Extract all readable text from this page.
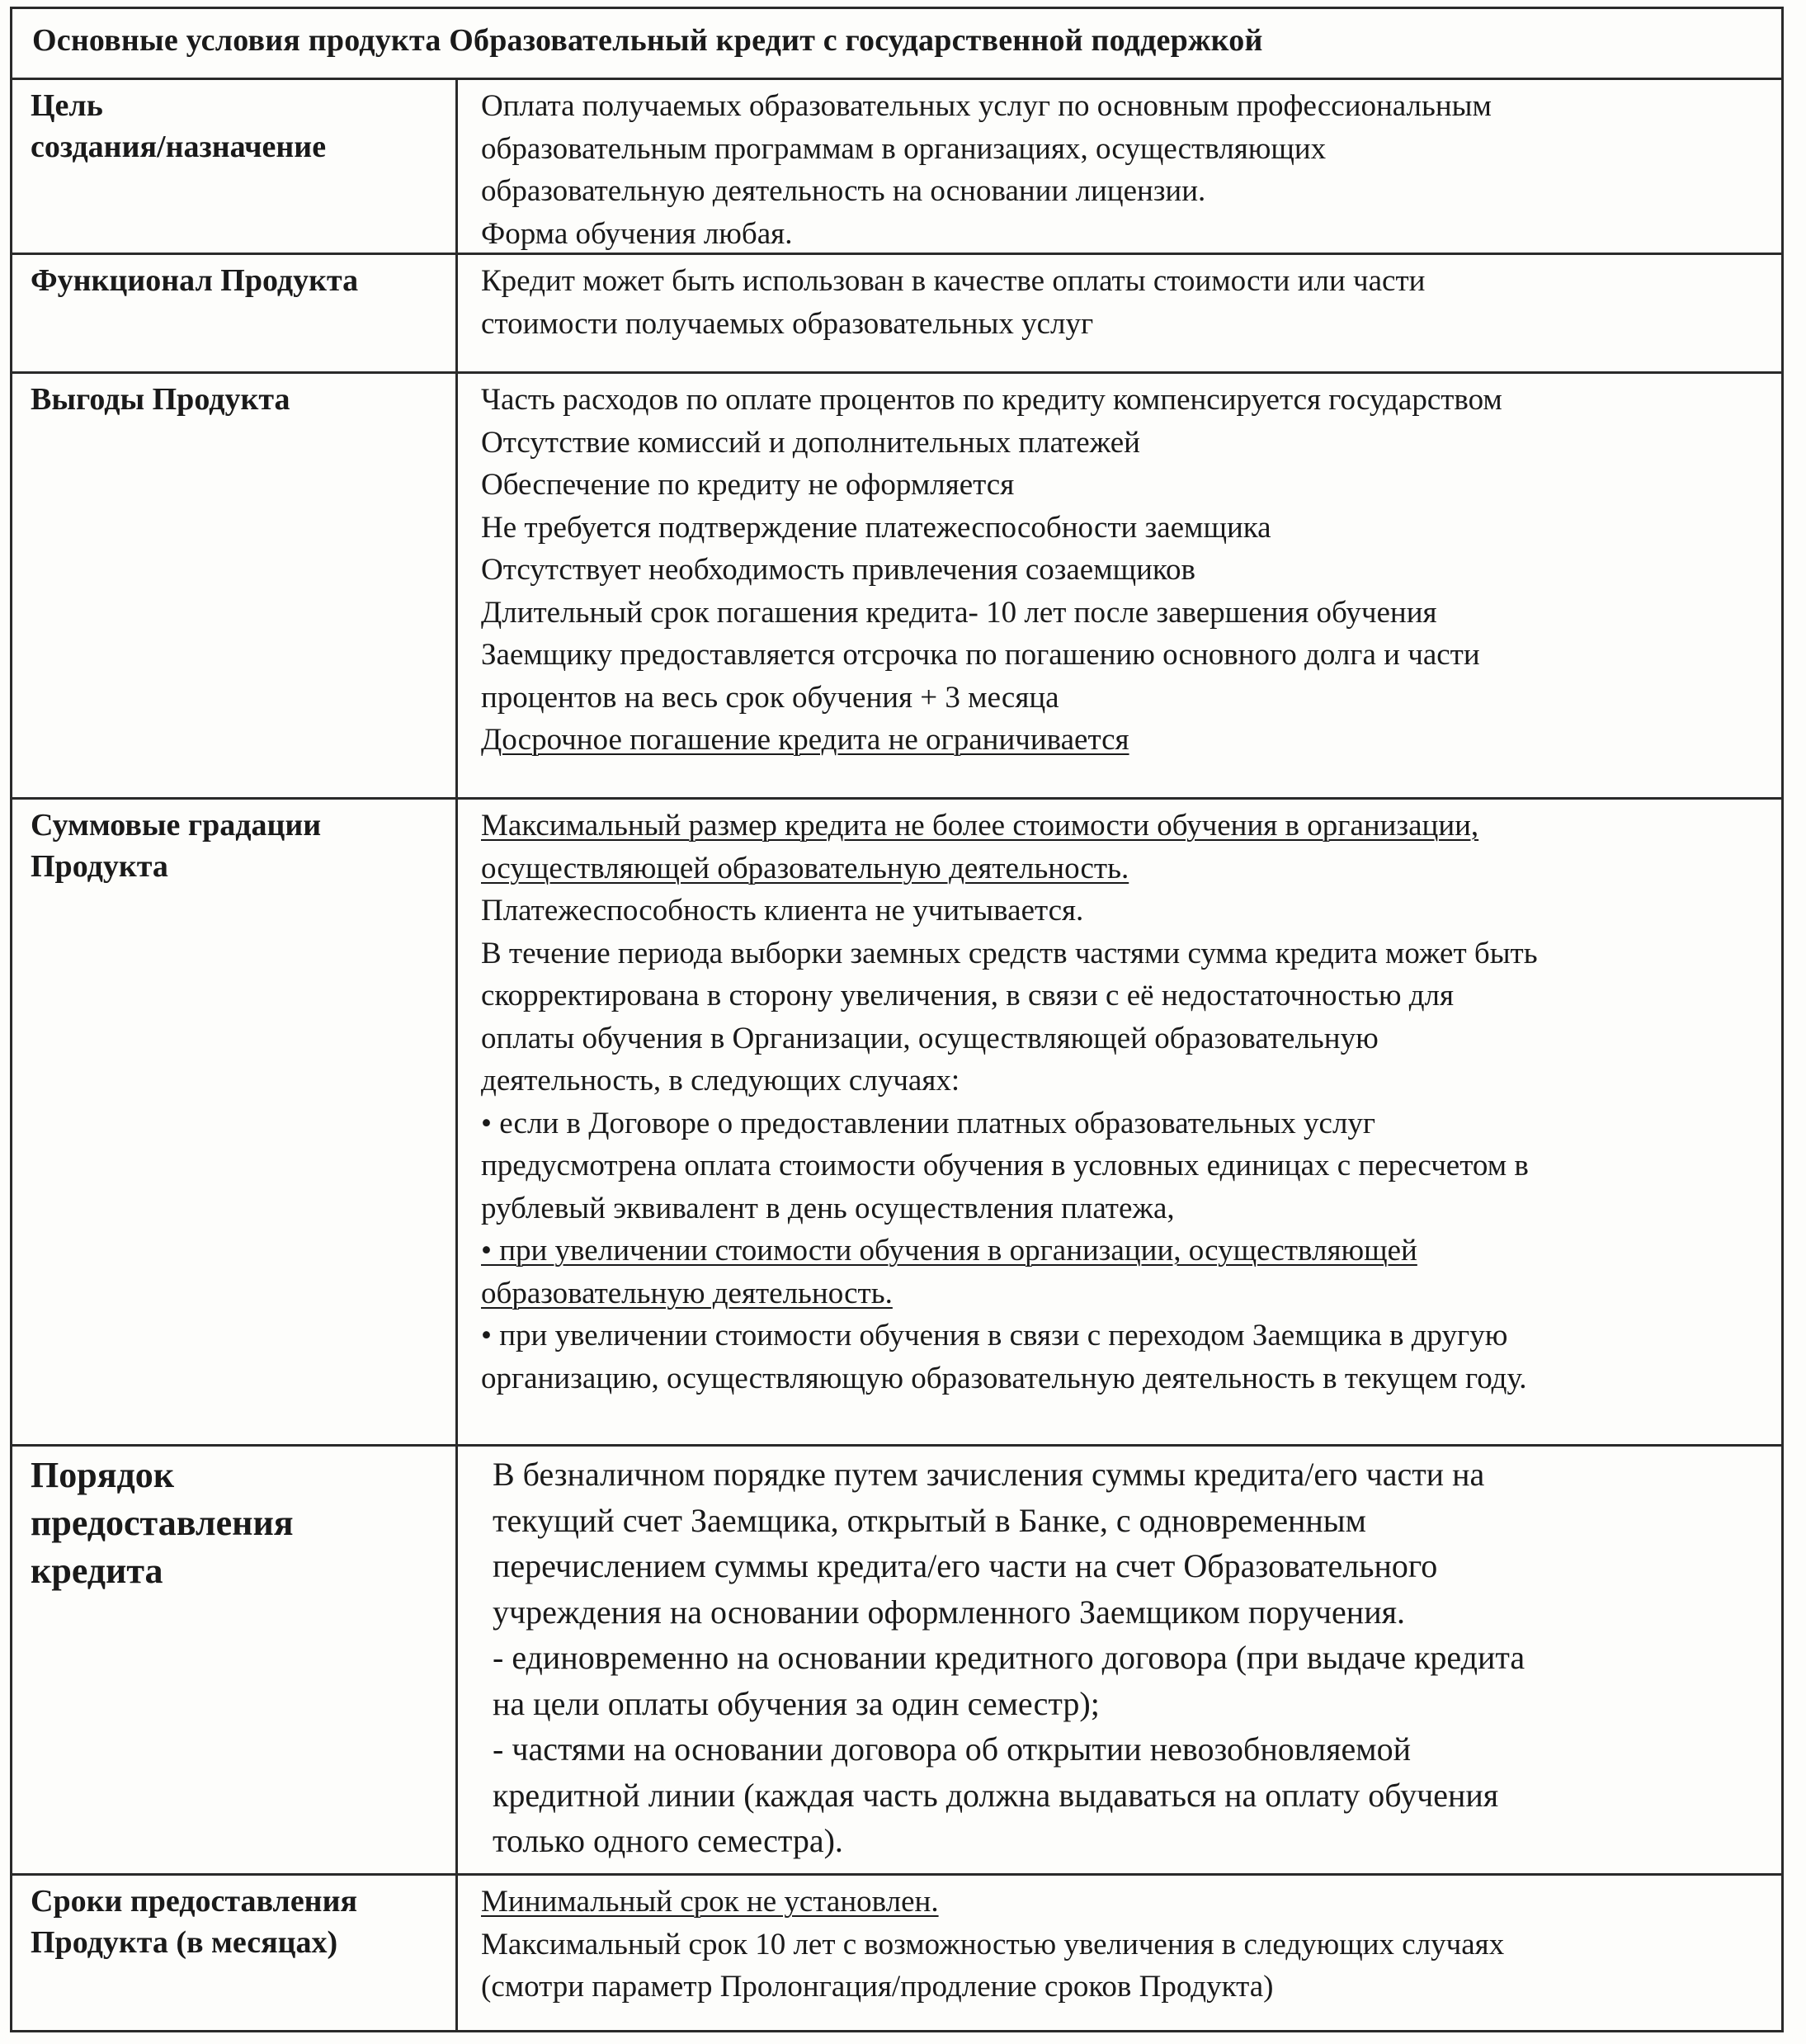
Основные условия продукта Образовательный кредит с государственной поддержкой
Цель
создания/назначение
Оплата получаемых образовательных услуг по основным профессиональным
образовательным программам в организациях, осуществляющих
образовательную деятельность на основании лицензии.
Форма обучения любая.
Функционал Продукта	Кредит может быть использован в качестве оплаты стоимости или части
стоимости получаемых образовательных услуг
Выгоды Продукта	Часть расходов по оплате процентов по кредиту компенсируется государством
Отсутствие комиссий и дополнительных платежей
Обеспечение по кредиту не оформляется
Не требуется подтверждение платежеспособности заемщика
Отсутствует необходимость привлечения созаемщиков
Длительный срок погашения кредита- 10 лет после завершения обучения
Заемщику предоставляется отсрочка по погашению основного долга и части
процентов на весь срок обучения + 3 месяца
Досрочное погашение кредита не ограничивается
Суммовые градации
Продукта
Максимальный размер кредита не более стоимости обучения в организации,
осуществляющей образовательную деятельность.
Платежеспособность клиента не учитывается.
В течение периода выборки заемных средств частями сумма кредита может быть
скорректирована в сторону увеличения, в связи с её недостаточностью для
оплаты обучения в Организации, осуществляющей образовательную
деятельность, в следующих случаях:
• если в Договоре о предоставлении платных образовательных услуг
предусмотрена оплата стоимости обучения в условных единицах с пересчетом в
рублевый эквивалент в день осуществления платежа,
• при увеличении стоимости обучения в организации, осуществляющей
образовательную деятельность.
• при увеличении стоимости обучения в связи с переходом Заемщика в другую
организацию, осуществляющую образовательную деятельность в текущем году.
Порядок
предоставления
кредита
В безналичном порядке путем зачисления суммы кредита/его части на
текущий счет Заемщика, открытый в Банке, с одновременным
перечислением суммы кредита/его части на счет Образовательного
учреждения на основании оформленного Заемщиком поручения.
- единовременно на основании кредитного договора (при выдаче кредита
на цели оплаты обучения за один семестр);
- частями на основании договора об открытии невозобновляемой
кредитной линии (каждая часть должна выдаваться на оплату обучения
только одного семестра).
Сроки предоставления
Продукта (в месяцах)
Минимальный срок не установлен.
Максимальный срок 10 лет с возможностью увеличения в следующих случаях
(смотри параметр Пролонгация/продление сроков Продукта)
